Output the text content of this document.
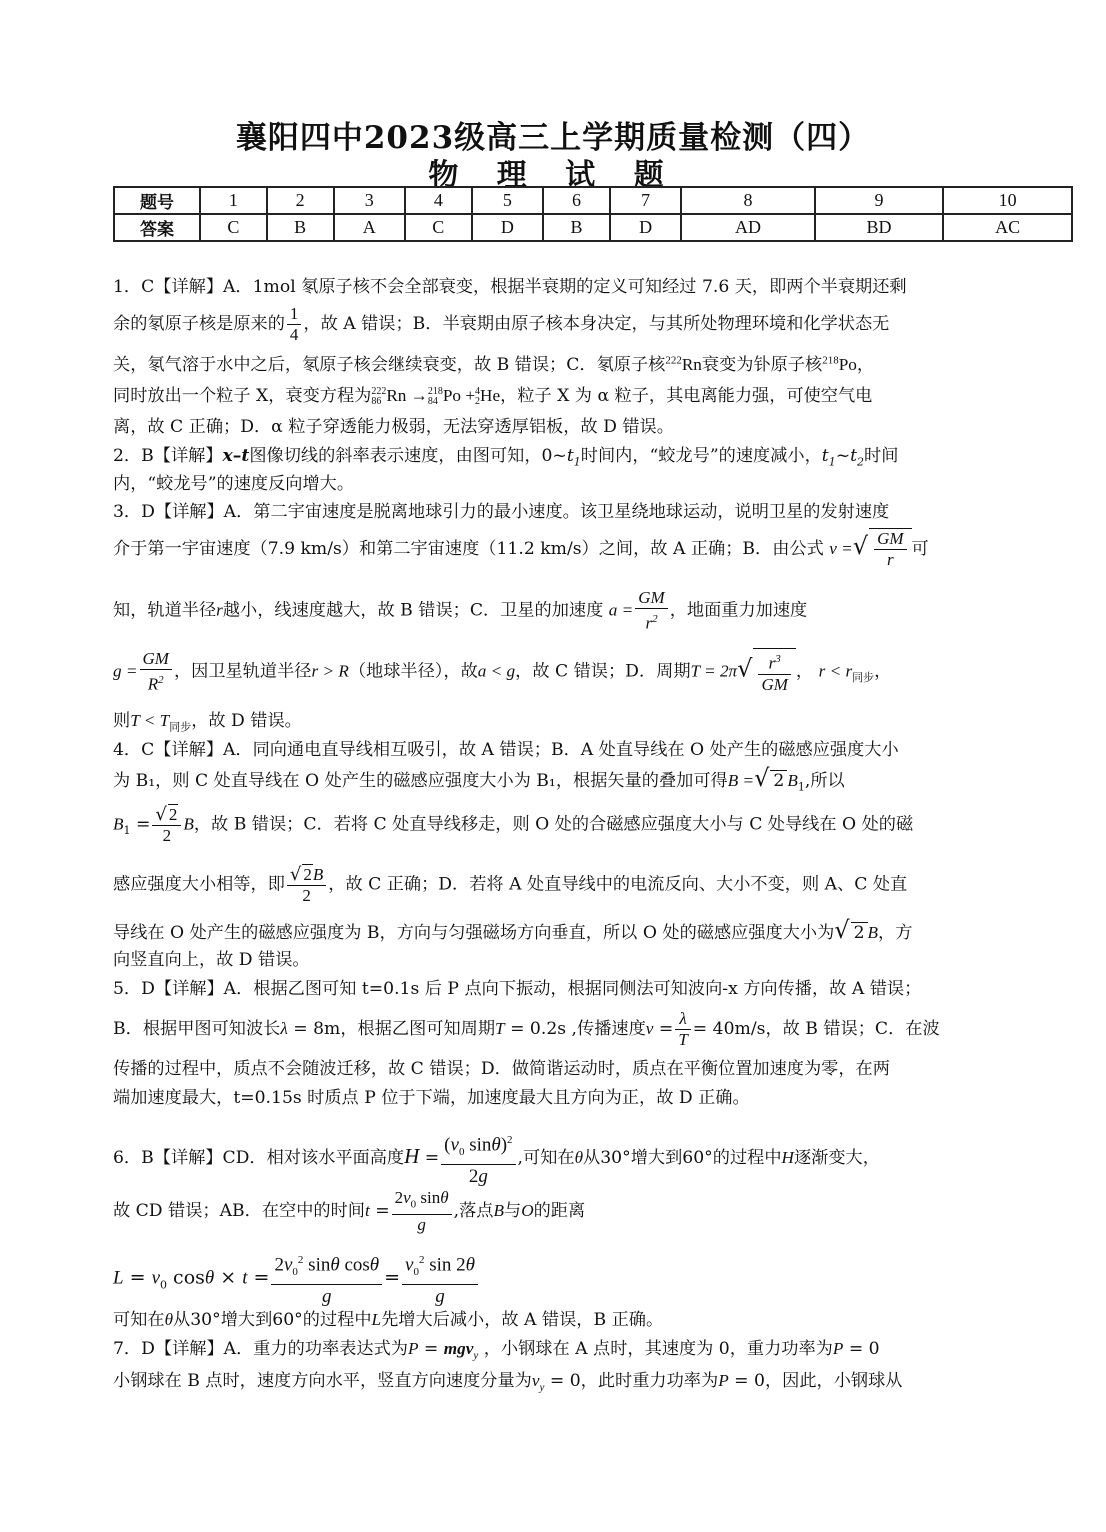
襄阳四中2023级高三上学期质量检测（四）
物 理 试 题
题号	1	2	3	4	5	6	7	8	9	10
答案	C	B	A	C	D	B	D	AD	BD	AC
1．C【详解】A．1mol 氡原子核不会全部衰变，根据半衰期的定义可知经过 7.6 天，即两个半衰期还剩
余的氡原子核是原来的 $\frac{1}{4}$ ，故 A 错误；B．半衰期由原子核本身决定，与其所处物理环境和化学状态无
关，氡气溶于水中之后，氡原子核会继续衰变，故 B 错误；C．氡原子核$^{222}$Rn衰变为钋原子核$^{218}$Po，
同时放出一个粒子 X，衰变方程为 222
86 Rn → 218
84 Po + 4
2 He，粒子 X 为 α 粒子，其电离能力强，可使空气电
离，故 C 正确；D．α 粒子穿透能力极弱，无法穿透厚铝板，故 D 错误。
2．B【详解】x–t图像切线的斜率表示速度，由图可知，$0\sim t_1$时间内，“蛟龙号”的速度减小，$t_1\sim t_2$时间
内，“蛟龙号”的速度反向增大。
3．D【详解】A．第二宇宙速度是脱离地球引力的最小速度。该卫星绕地球运动，说明卫星的发射速度
介于第一宇宙速度（7.9 km/s）和第二宇宙速度（11.2 km/s）之间，故 A 正确；B．由公式 v =√ $\frac{GM}{r}$ 可
知，轨道半径r越小，线速度越大，故 B 错误；C．卫星的加速度 $a = \frac{GM}{r^2}$ ，地面重力加速度
$g = \frac{GM}{R^2}$ ，因卫星轨道半径r > R（地球半径），故a < g，故 C 错误；D．周期$T = 2\pi√ \frac{r^3}{GM}$ ， $r < r_{同步}$，
则$T < T_{同步}$，故 D 错误。
4．C【详解】A．同向通电直导线相互吸引，故 A 错误；B．A 处直导线在 O 处产生的磁感应强度大小
为 B₁，则 C 处直导线在 O 处产生的磁感应强度大小为 B₁，根据矢量的叠加可得B =√ 2 $B_1$,所以
$B_1 = \frac{√ 2}{2}$ B，故 B 错误；C．若将 C 处直导线移走，则 O 处的合磁感应强度大小与 C 处导线在 O 处的磁
感应强度大小相等，即 $\frac{√ 2B}{2}$ ，故 C 正确；D．若将 A 处直导线中的电流反向、大小不变，则 A、C 处直
导线在 O 处产生的磁感应强度为 B，方向与匀强磁场方向垂直，所以 O 处的磁感应强度大小为√ 2 B，方
向竖直向上，故 D 错误。
5．D【详解】A．根据乙图可知 t=0.1s 后 P 点向下振动，根据同侧法可知波向-x 方向传播，故 A 错误；
B．根据甲图可知波长λ = 8m，根据乙图可知周期T = 0.2s ,传播速度$v = \frac{\lambda}{T} = 40m/s$，故 B 错误；C．在波
传播的过程中，质点不会随波迁移，故 C 错误；D．做简谐运动时，质点在平衡位置加速度为零，在两
端加速度最大，t=0.15s 时质点 P 位于下端，加速度最大且方向为正，故 D 正确。
6．B【详解】CD．相对该水平面高度$H = \frac{(v_0 \sin\theta)^2}{2g}$ ,可知在θ从30°增大到60°的过程中H逐渐变大，
故 CD 错误；AB．在空中的时间$t = \frac{2v_0 \sin\theta}{g}$ ,落点B与O的距离
$L = v_0$ $\cos\theta \times t = \frac{2v_0^2 \sin\theta \cos\theta}{g} = \frac{v_0^2 \sin 2\theta}{g}$
可知在θ从30°增大到60°的过程中L先增大后减小，故 A 错误，B 正确。
7．D【详解】A．重力的功率表达式为P = mgv$_y$ ，小钢球在 A 点时，其速度为 0，重力功率为P = 0
小钢球在 B 点时，速度方向水平，竖直方向速度分量为$v_y = 0$，此时重力功率为P = 0，因此，小钢球从
